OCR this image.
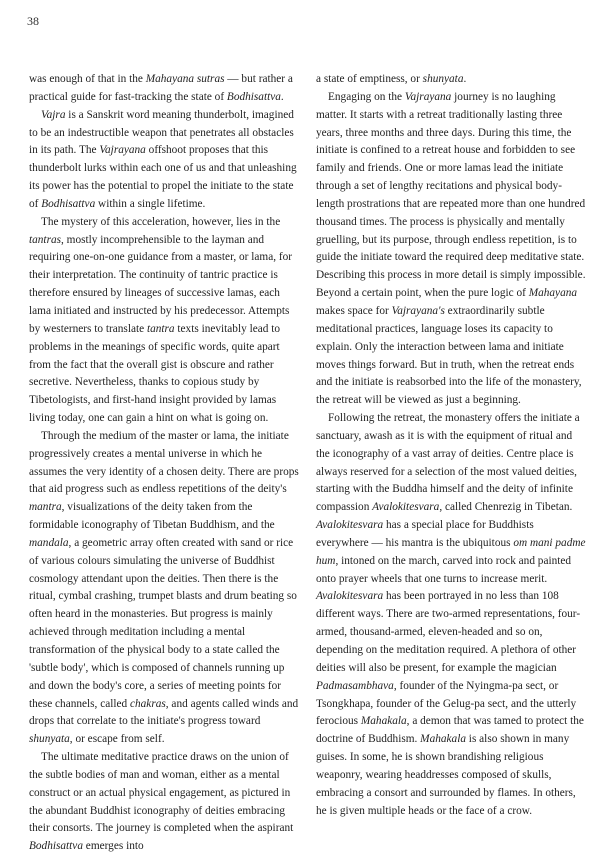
38

was enough of that in the Mahayana sutras — but rather a practical guide for fast-tracking the state of Bodhisattva.

Vajra is a Sanskrit word meaning thunderbolt, imagined to be an indestructible weapon that penetrates all obstacles in its path. The Vajrayana offshoot proposes that this thunderbolt lurks within each one of us and that unleashing its power has the potential to propel the initiate to the state of Bodhisattva within a single lifetime.

The mystery of this acceleration, however, lies in the tantras, mostly incomprehensible to the layman and requiring one-on-one guidance from a master, or lama, for their interpretation. The continuity of tantric practice is therefore ensured by lineages of successive lamas, each lama initiated and instructed by his predecessor. Attempts by westerners to translate tantra texts inevitably lead to problems in the meanings of specific words, quite apart from the fact that the overall gist is obscure and rather secretive. Nevertheless, thanks to copious study by Tibetologists, and first-hand insight provided by lamas living today, one can gain a hint on what is going on.

Through the medium of the master or lama, the initiate progressively creates a mental universe in which he assumes the very identity of a chosen deity. There are props that aid progress such as endless repetitions of the deity's mantra, visualizations of the deity taken from the formidable iconography of Tibetan Buddhism, and the mandala, a geometric array often created with sand or rice of various colours simulating the universe of Buddhist cosmology attendant upon the deities. Then there is the ritual, cymbal crashing, trumpet blasts and drum beating so often heard in the monasteries. But progress is mainly achieved through meditation including a mental transformation of the physical body to a state called the 'subtle body', which is composed of channels running up and down the body's core, a series of meeting points for these channels, called chakras, and agents called winds and drops that correlate to the initiate's progress toward shunyata, or escape from self.

The ultimate meditative practice draws on the union of the subtle bodies of man and woman, either as a mental construct or an actual physical engagement, as pictured in the abundant Buddhist iconography of deities embracing their consorts. The journey is completed when the aspirant Bodhisattva emerges into

a state of emptiness, or shunyata.

Engaging on the Vajrayana journey is no laughing matter. It starts with a retreat traditionally lasting three years, three months and three days. During this time, the initiate is confined to a retreat house and forbidden to see family and friends. One or more lamas lead the initiate through a set of lengthy recitations and physical body-length prostrations that are repeated more than one hundred thousand times. The process is physically and mentally gruelling, but its purpose, through endless repetition, is to guide the initiate toward the required deep meditative state. Describing this process in more detail is simply impossible. Beyond a certain point, when the pure logic of Mahayana makes space for Vajrayana's extraordinarily subtle meditational practices, language loses its capacity to explain. Only the interaction between lama and initiate moves things forward. But in truth, when the retreat ends and the initiate is reabsorbed into the life of the monastery, the retreat will be viewed as just a beginning.

Following the retreat, the monastery offers the initiate a sanctuary, awash as it is with the equipment of ritual and the iconography of a vast array of deities. Centre place is always reserved for a selection of the most valued deities, starting with the Buddha himself and the deity of infinite compassion Avalokitesvara, called Chenrezig in Tibetan. Avalokitesvara has a special place for Buddhists everywhere — his mantra is the ubiquitous om mani padme hum, intoned on the march, carved into rock and painted onto prayer wheels that one turns to increase merit. Avalokitesvara has been portrayed in no less than 108 different ways. There are two-armed representations, four-armed, thousand-armed, eleven-headed and so on, depending on the meditation required. A plethora of other deities will also be present, for example the magician Padmasambhava, founder of the Nyingma-pa sect, or Tsongkhapa, founder of the Gelug-pa sect, and the utterly ferocious Mahakala, a demon that was tamed to protect the doctrine of Buddhism. Mahakala is also shown in many guises. In some, he is shown brandishing religious weaponry, wearing headdresses composed of skulls, embracing a consort and surrounded by flames. In others, he is given multiple heads or the face of a crow.
